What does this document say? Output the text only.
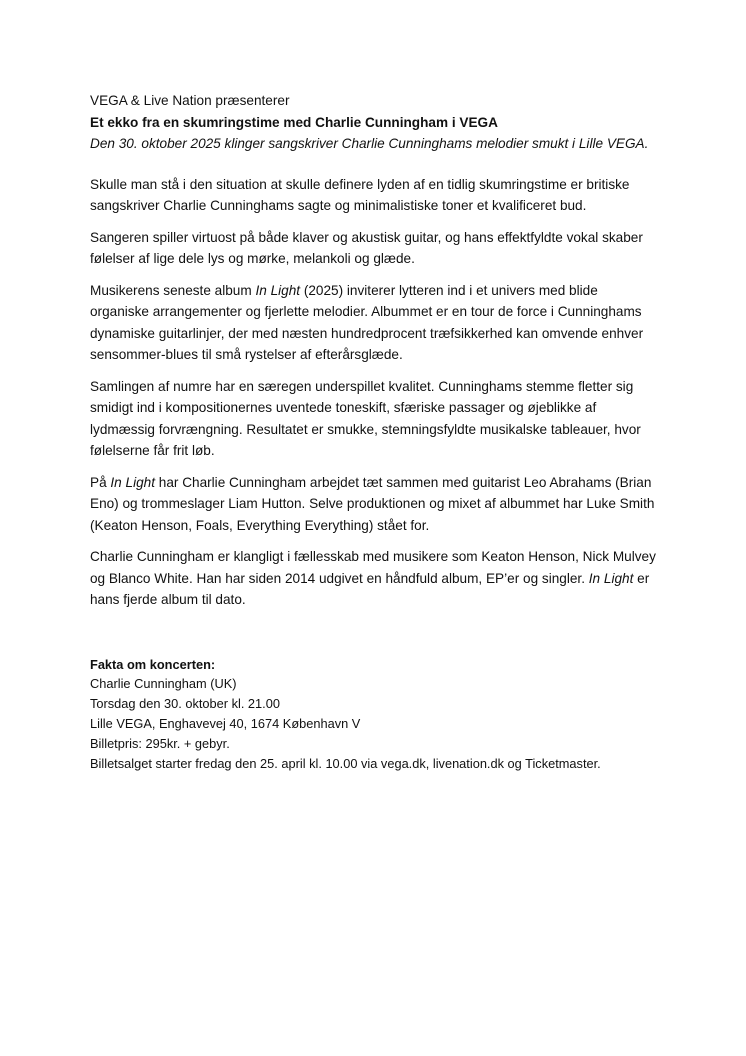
VEGA & Live Nation præsenterer

Et ekko fra en skumringstime med Charlie Cunningham i VEGA

Den 30. oktober 2025 klinger sangskriver Charlie Cunninghams melodier smukt i Lille VEGA.

Skulle man stå i den situation at skulle definere lyden af en tidlig skumringstime er britiske sangskriver Charlie Cunninghams sagte og minimalistiske toner et kvalificeret bud.

Sangeren spiller virtuost på både klaver og akustisk guitar, og hans effektfyldte vokal skaber følelser af lige dele lys og mørke, melankoli og glæde.

Musikerens seneste album In Light (2025) inviterer lytteren ind i et univers med blide organiske arrangementer og fjerlette melodier. Albummet er en tour de force i Cunninghams dynamiske guitarlinjer, der med næsten hundredprocent træfsikkerhed kan omvende enhver sensommer-blues til små rystelser af efterårsglæde.

Samlingen af numre har en særegen underspillet kvalitet. Cunninghams stemme fletter sig smidigt ind i kompositionernes uventede toneskift, sfæriske passager og øjeblikke af lydmæssig forvrængning. Resultatet er smukke, stemningsfyldte musikalske tableauer, hvor følelserne får frit løb.

På In Light har Charlie Cunningham arbejdet tæt sammen med guitarist Leo Abrahams (Brian Eno) og trommeslager Liam Hutton. Selve produktionen og mixet af albummet har Luke Smith (Keaton Henson, Foals, Everything Everything) stået for.

Charlie Cunningham er klangligt i fællesskab med musikere som Keaton Henson, Nick Mulvey og Blanco White. Han har siden 2014 udgivet en håndfuld album, EP’er og singler. In Light er hans fjerde album til dato.

Fakta om koncerten:

Charlie Cunningham (UK)

Torsdag den 30. oktober kl. 21.00

Lille VEGA, Enghavevej 40, 1674 København V

Billetpris: 295kr. + gebyr.

Billetsalget starter fredag den 25. april kl. 10.00 via vega.dk, livenation.dk og Ticketmaster.
